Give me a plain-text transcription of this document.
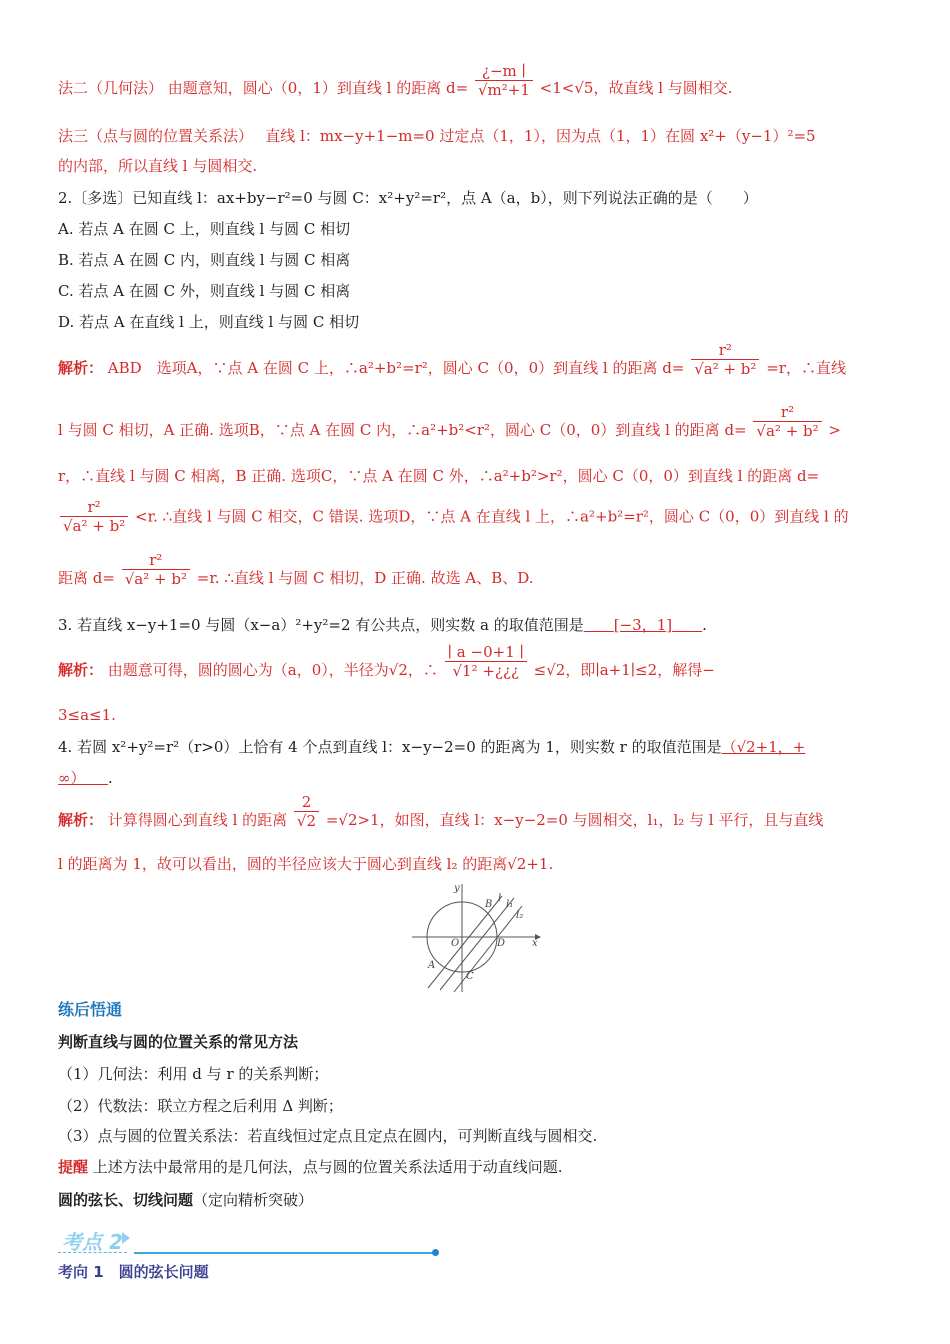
法二（几何法） 由题意知，圆心（0，1）到直线 l 的距离 $d= \frac{¿-m ∣}{\text{√m²+1}} <1<√5$，故直线 l 与圆相交.
法三（点与圆的位置关系法）　 直线 l：mx−y+1−m=0 过定点（1，1），因为点（1，1）在圆 x²+（y−1）²=5
的内部，所以直线 l 与圆相交.
2.〔多选〕已知直线 l：ax+by−r²=0 与圆 C：x²+y²=r²，点 A（a，b），则下列说法正确的是（　　）
A. 若点 A 在圆 C 上，则直线 l 与圆 C 相切
B. 若点 A 在圆 C 内，则直线 l 与圆 C 相离
C. 若点 A 在圆 C 外，则直线 l 与圆 C 相离
D. 若点 A 在直线 l 上，则直线 l 与圆 C 相切
解析： ABD　选项A，∵点 A 在圆 C 上，∴a²+b²=r²，圆心 C（0，0）到直线 l 的距离 $d= \frac{\text{r²}}{\text{√a² + b²}} =r$，∴直线
l 与圆 C 相切，A 正确. 选项B，∵点 A 在圆 C 内，∴a²+b²<r²，圆心 C（0，0）到直线 l 的距离 $d= \frac{\text{r²}}{\text{√a² + b²}}$ >
r，∴直线 l 与圆 C 相离，B 正确. 选项C，∵点 A 在圆 C 外，∴a²+b²>r²，圆心 C（0，0）到直线 l 的距离 d=
$\frac{\text{r²}}{\text{√a² + b²}} <r$. ∴直线 l 与圆 C 相交，C 错误. 选项D，∵点 A 在直线 l 上，∴a²+b²=r²，圆心 C（0，0）到直线 l 的
距离 $d= \frac{\text{r²}}{\text{√a² + b²}} =r$. ∴直线 l 与圆 C 相切，D 正确. 故选 A、B、D.
3. 若直线 x−y+1=0 与圆（x−a）²+y²=2 有公共点，则实数 a 的取值范围是　　 [−3，1]　　 .
解析： 由题意可得，圆的圆心为（a，0），半径为√2，∴ $\frac{∣ a -0+1 ∣}{\text{√1² +¿¿¿}} \le√2$，即∣a+1∣≤2，解得−
3≤a≤1.
4. 若圆 x²+y²=r²（r>0）上恰有 4 个点到直线 l：x−y−2=0 的距离为 1，则实数 r 的取值范围是（√2+1，+
∞）　　 .
解析： 计算得圆心到直线 l 的距离 $\frac{2}{√2} =√2>1$，如图，直线 l：x−y−2=0 与圆相交，l₁，l₂ 与 l 平行，且与直线
l 的距离为 1，故可以看出，圆的半径应该大于圆心到直线 l₂ 的距离√2+1.
y
l
l₁
l₂
B
O	D	x
A
C
练后悟通
判断直线与圆的位置关系的常见方法
（1）几何法：利用 d 与 r 的关系判断；
（2）代数法：联立方程之后利用 Δ 判断；
（3）点与圆的位置关系法：若直线恒过定点且定点在圆内，可判断直线与圆相交.
提醒 上述方法中最常用的是几何法，点与圆的位置关系法适用于动直线问题.
圆的弦长、切线问题（定向精析突破）
考点 2
考向 1　圆的弦长问题
